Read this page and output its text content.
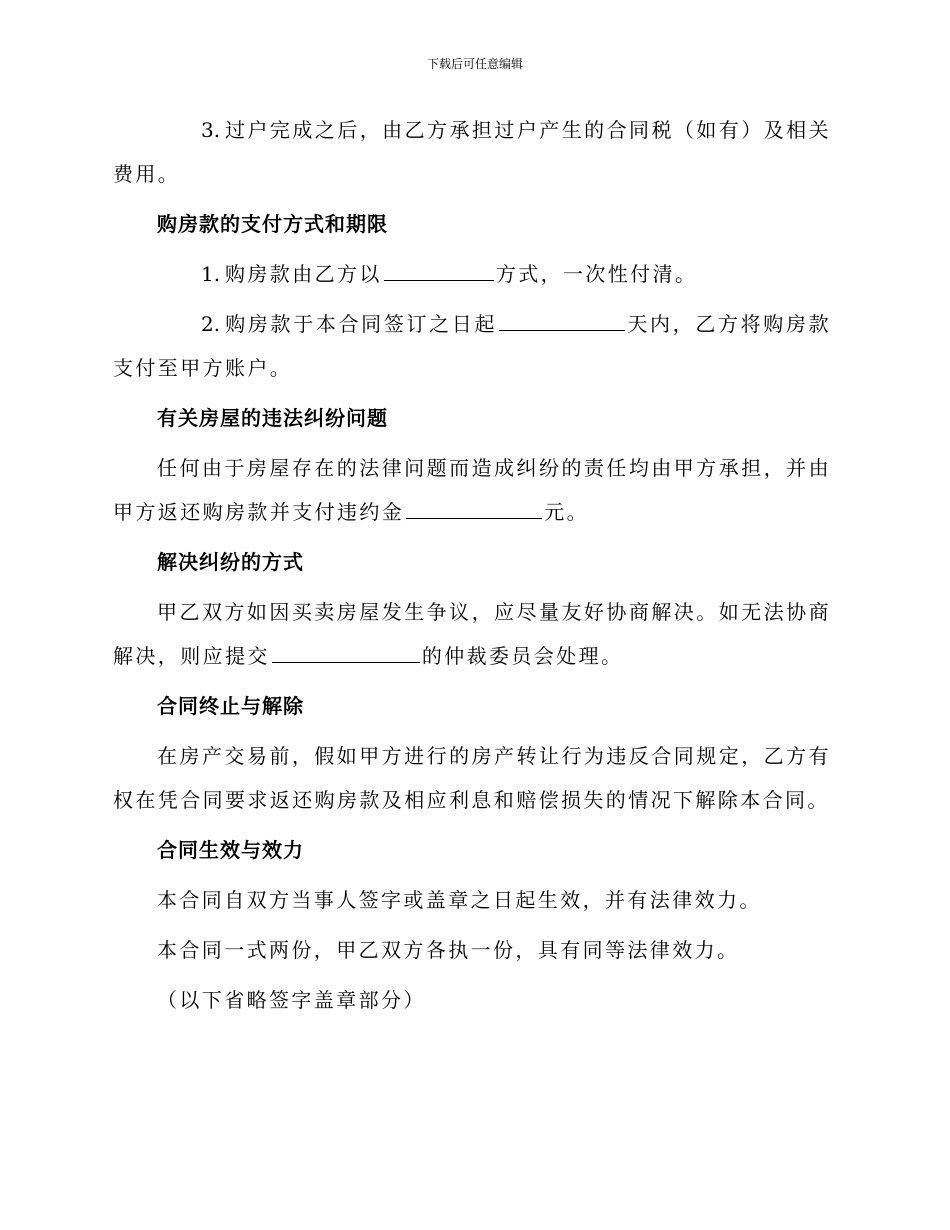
下载后可任意编辑

3. 过户完成之后，由乙方承担过户产生的合同税（如有）及相关费用。

购房款的支付方式和期限

1. 购房款由乙方以	方式，一次性付清。

2. 购房款于本合同签订之日起	天内，乙方将购房款支付至甲方账户。

有关房屋的违法纠纷问题

任何由于房屋存在的法律问题而造成纠纷的责任均由甲方承担，并由甲方返还购房款并支付违约金	元。

解决纠纷的方式

甲乙双方如因买卖房屋发生争议，应尽量友好协商解决。如无法协商解决，则应提交	的仲裁委员会处理。

合同终止与解除

在房产交易前，假如甲方进行的房产转让行为违反合同规定，乙方有权在凭合同要求返还购房款及相应利息和赔偿损失的情况下解除本合同。

合同生效与效力

本合同自双方当事人签字或盖章之日起生效，并有法律效力。

本合同一式两份，甲乙双方各执一份，具有同等法律效力。

（以下省略签字盖章部分）
